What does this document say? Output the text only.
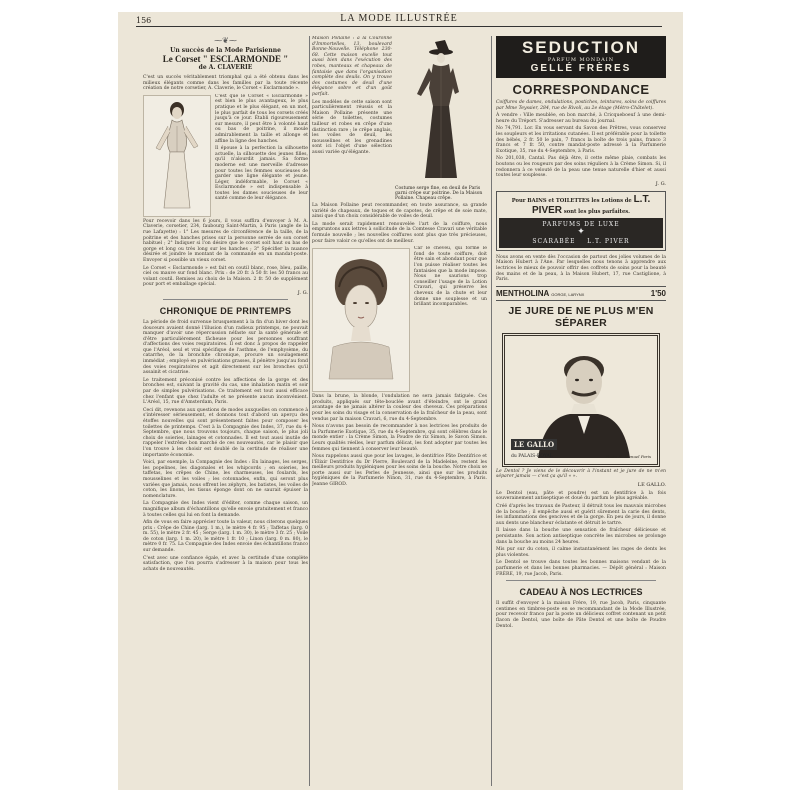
156	LA MODE ILLUSTRÉE
⁓❦⁓
Un succès de la Mode Parisienne
Le Corset " ESCLARMONDE "
de A. CLAVERIE

C'est un succès véritablement triomphal qui a été obtenu dans les milieux élégants comme dans les familles par la toute récente création de notre corsetier, A. Claverie, le Corset « Esclarmonde ».

C'est que le Corset « Esclarmonde » est bien le plus avantageux, le plus pratique et le plus élégant, en un mot, le plus parfait de tous les corsets créés jusqu'à ce jour. Établi rigoureusement sur mesure, il peut être à volonté haut ou bas de poitrine, il moule admirablement la taille et allonge et affine la ligne des hanches.

Il épouse à la perfection la silhouette actuelle, la silhouette des jeunes filles, qu'il n'alourdit jamais. Sa forme moderne est une merveille d'adresse pour toutes les femmes soucieuses de garder une ligne élégante et jeune. Léger, indéformable, le Corset « Esclarmonde » est indispensable à toutes les dames soucieuses de leur santé comme de leur élégance.

Pour recevoir dans les 6 jours, il vous suffira d'envoyer à M. A. Claverie, corsetier, 234, faubourg Saint-Martin, à Paris (angle de la rue Lafayette) : 1° Les mesures de circonférence de la taille, de la poitrine et des hanches prises sur la personne serrée de son corset habituel ; 2° Indiquer si l'on désire que le corset soit haut ou bas de gorge et long ou très long sur les hanches ; 3° Spécifier la nuance désirée et joindre le montant de la commande en un mandat-poste. Envoyer si possible un vieux corset.

Le Corset « Esclarmonde » est fait en coutil blanc, rose, bleu, paille, ciel ou mauve sur fond blanc. Prix : de 20 fr. à 50 fr. les 50 francs au volant coutil. Remises au choix de la Maison. 2 fr. 50 de supplément pour port et emballage spécial.

J. G.
CHRONIQUE DE PRINTEMPS

La période de froid survenue brusquement à la fin d'un hiver dont les douceurs avaient donné l'illusion d'un radieux printemps, ne pouvait manquer d'avoir une répercussion néfaste sur la santé générale et d'être particulièrement fâcheuse pour les personnes souffrant d'affections des voies respiratoires. Il est donc à propos de rappeler que l'Aréol, seul et vrai spécifique de l'asthme, de l'emphysème, du catarrhe, de la bronchite chronique, procure un soulagement immédiat ; employé en pulvérisations grasses, il pénètre jusqu'au fond des voies respiratoires et agit directement sur les bronches qu'il assainit et cicatrise.

Le traitement préconisé contre les affections de la gorge et des bronches est, suivant la gravité du cas, une inhalation matin et soir par de simples pulvérisations. Ce traitement est tout aussi efficace chez l'enfant que chez l'adulte et ne présente aucun inconvénient. L'Aréol, 15, rue d'Amsterdam, Paris.

Ceci dit, revenons aux questions de modes auxquelles on commence à s'intéresser sérieusement, et donnons tout d'abord un aperçu des étoffes nouvelles qui sont présentement faites pour composer les toilettes de printemps. C'est à la Compagnie des Indes, 37, rue du 4-Septembre, que nous trouvons toujours, chaque saison, le plus joli choix de soieries, lainages et cotonnades. Il est tout aussi inutile de rappeler l'extrême bon marché de ces nouveautés, car le plaisir que l'on trouve à les choisir est doublé de la certitude de réaliser une importante économie.

Voici, par exemple, la Compagnie des Indes : En lainages, les serges, les popelines, les diagonales et les whipcords ; en soieries, les taffetas, les crêpes de Chine, les charmeuses, les foulards, les mousselines et les voiles ; les cotonnades, enfin, qui seront plus variées que jamais, nous offrent les zéphyrs, les batistes, les voiles de coton, les linons, les tissus éponge dont on ne saurait épuiser la nomenclature.

La Compagnie des Indes vient d'éditer, comme chaque saison, un magnifique album d'échantillons qu'elle envoie gratuitement et franco à toutes celles qui lui en font la demande.

Afin de vous en faire apprécier toute la valeur, nous citerons quelques prix : Crêpe de Chine (larg. 1 m.), le mètre 4 fr. 95 ; Taffetas (larg. 0 m. 55), le mètre 2 fr. 45 ; Serge (larg. 1 m. 30), le mètre 3 fr. 25 ; Voile de coton (larg. 1 m. 20), le mètre 1 fr. 10 ; Linon (larg. 0 m. 80), le mètre 0 fr. 75. La Compagnie des Indes envoie des échantillons franco sur demande.

C'est avec une confiance égale, et avec la certitude d'une complète satisfaction, que l'on pourra s'adresser à la maison pour tous les achats de nouveautés.

Costume serge fine, en deuil de Paris garni crêpe sur poitrine. De la Maison Pollaine. Chapeau crêpe.

Maison Pollaine : à la Couronne d'Immortelles, 13, boulevard Bonne-Nouvelle. Téléphone 230-68. Cette maison excelle tout aussi bien dans l'exécution des robes, manteaux et chapeaux de fantaisie que dans l'organisation complète des deuils. On y trouve des costumes de deuil d'une élégance sobre et d'un goût parfait.

Les modèles de cette saison sont particulièrement réussis et la Maison Pollaine présente une série de toilettes, costumes tailleur et robes en crêpe d'une distinction rare ; le crêpe anglais, les voiles de deuil, les mousselines et les grenadines sont ici l'objet d'une sélection aussi variée qu'élégante.

La Maison Pollaine peut recommander, en toute assurance, sa grande variété de chapeaux, de toques et de capotes, de crêpe et de soie mate, ainsi que d'un choix considérable de voiles de deuil.

La mode serait rapidement renouvelée l'art de la coiffure, nous empruntons aux lettres à sollicitude de la Comtesse Cravari une véritable formule nouvelle ; les nouvelles coiffures sont plus que très précieuses, pour faire valoir ce qu'elles ont de meilleur.

Car le cheveu, qui forme le fond de toute coiffure, doit être sain et abondant pour que l'on puisse réaliser toutes les fantaisies que la mode impose. Nous ne saurions trop conseiller l'usage de la Lotion Cravari, qui préserve les cheveux de la chute et leur donne une souplesse et un brillant incomparables.

Dans la brune, la blonde, l'ondulation ne sera jamais fatiguée. Ces produits, appliqués sur tête-bouclée avant d'éteindre, ont le grand avantage de ne jamais altérer la couleur des cheveux. Ces préparations pour les soins du visage et la conservation de la fraîcheur de la peau, sont vendus par la maison Cravari, 6, rue du 4-Septembre.

Nous n'avons pas besoin de recommander à nos lectrices les produits de la Parfumerie Exotique, 35, rue du 4-Septembre, qui sont célèbres dans le monde entier : la Crème Simon, la Poudre de riz Simon, le Savon Simon. Leurs qualités réelles, leur parfum délicat, les font adopter par toutes les femmes qui tiennent à conserver leur beauté.

Nous rappelons aussi que pour les lavages, le dentifrice Pâte Dentifrice et l'Élixir Dentifrice du Dr Pierre, Boulevard de la Madeleine, restent les meilleurs produits hygiéniques pour les soins de la bouche. Notre choix se porte aussi sur les Perles de Jeunesse, ainsi que sur les produits hygiéniques de la Parfumerie Ninon, 31, rue du 4-Septembre, à Paris. Jeanne GIROD.

SEDUCTION
PARFUM MONDAIN
GELLÉ FRÈRES
CORRESPONDANCE

Coiffures de dames, ondulations, postiches, teintures, soins de coiffures par Mme Teyssier, 284, rue de Rivoli, au 2e étage (Métro-Châtelet).

À vendre : Ville meublée, en bon marché, à Cricqueboeuf à une demi-heure du Tréport. S'adresser au bureau du journal.

No 74,791. Lor. En vous servant du Savon des Prêtres, vous conservez les soupleurs et les irritations cutanées. Il est préférable pour la toilette des bébés, 2 fr. 50 le pain, 7 francs la boîte de trois pains, franco 3 francs et 7 fr. 50, contre mandat-poste adressé à la Parfumerie Exotique, 35, rue du 4-Septembre, à Paris.

No 201,038, Cantal. Pas déjà être, il cette même plaie, combats les boutons ou les rougeurs par des soins réguliers à la Crème Simon. Si, il redonnera à ce velouté de la peau une tenue naturelle d'hier et aussi toutes leur souplesse.

J. G.
Pour BAINS et TOILETTES les Lotions de L.T. PIVER sont les plus parfaites.
PARFUMS DE LUXE
✦
SCARABÉE L.T. PIVER

Nous avons en vente dès l'occasion de partout des jolies volumes de la Maison Hubert à l'Ane. Par lesquelles nous tenons à apprendre aux lectrices le mieux de pouvoir offrir des coffrets de soins pour la beauté des mains et de la peau, à la Maison Hubert, 17, rue Castiglione, à Paris.

MENTHOLINA GORGE, LARYNX	1'50
JE JURE DE NE PLUS M'EN SÉPARER
LE GALLO
du PALAIS-ROYAL	Photo H. Manuel Paris

Le Dentol ? Je viens de le découvrir à l'instant et je jure de ne m'en séparer jamais — c'est ça qu'il « ».

LE GALLO.

Le Dentol (eau, pâte et poudre) est un dentifrice à la fois souverainement antiseptique et doué du parfum le plus agréable.

Créé d'après les travaux de Pasteur, il détruit tous les mauvais microbes de la bouche ; il empêche aussi et guérit sûrement la carie des dents, les inflammations des gencives et de la gorge. En peu de jours, il donne aux dents une blancheur éclatante et détruit le tartre.

Il laisse dans la bouche une sensation de fraîcheur délicieuse et persistante. Son action antiseptique concrète les microbes se prolonge dans la bouche au moins 24 heures.

Mis pur sur du coton, il calme instantanément les rages de dents les plus violentes.

Le Dentol se trouve dans toutes les bonnes maisons vendant de la parfumerie et dans les bonnes pharmacies. — Dépôt général : Maison FRÈRE, 19, rue Jacob, Paris.

CADEAU À NOS LECTRICES

Il suffit d'envoyer à la maison Frère, 19, rue Jacob, Paris, cinquante centimes en timbres-poste en se recommandant de la Mode Illustrée, pour recevoir franco par la poste un délicieux coffret contenant un petit flacon de Dentol, une boîte de Pâte Dentol et une boîte de Poudre Dentol.
